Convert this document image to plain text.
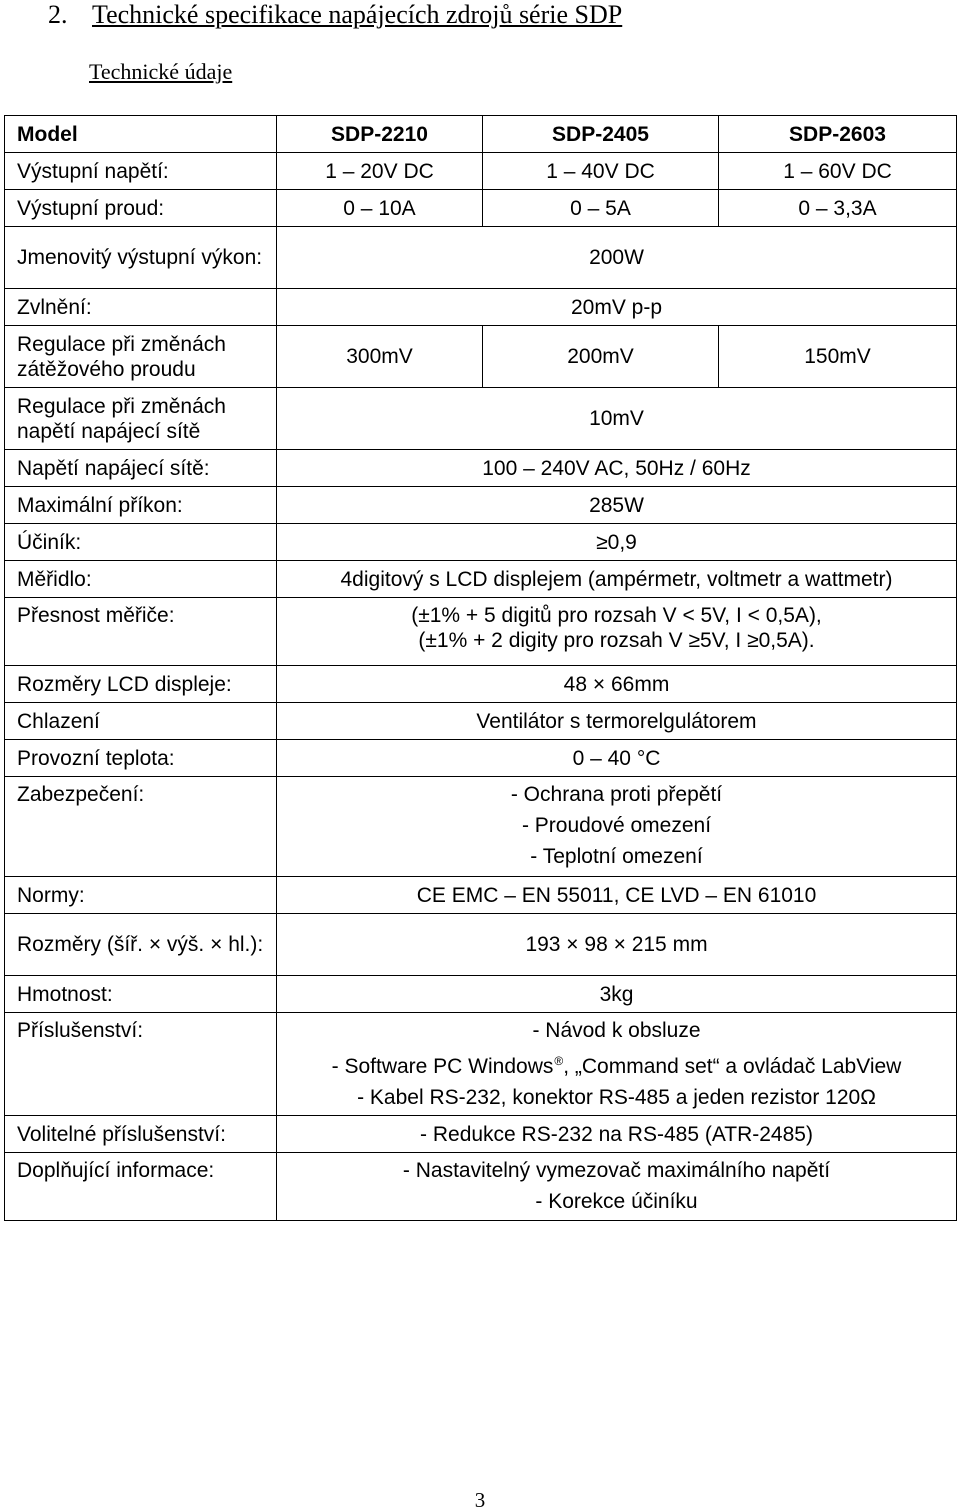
2. Technické specifikace napájecích zdrojů série SDP
Technické údaje
Model	SDP-2210	SDP-2405	SDP-2603
Výstupní napětí:	1 – 20V DC	1 – 40V DC	1 – 60V DC
Výstupní proud:	0 – 10A	0 – 5A	0 – 3,3A
Jmenovitý výstupní výkon:	200W		
Zvlnění:	20mV p-p		
Regulace při změnách zátěžového proudu	300mV	200mV	150mV
Regulace při změnách napětí napájecí sítě	10mV		
Napětí napájecí sítě:	100 – 240V AC, 50Hz / 60Hz		
Maximální příkon:	285W		
Účiník:	≥0,9		
Měřidlo:	4digitový s LCD displejem (ampérmetr, voltmetr a wattmetr)		
Přesnost měřiče:	(±1% + 5 digitů pro rozsah V < 5V, I < 0,5A),
(±1% + 2 digity pro rozsah V ≥5V, I ≥0,5A).		

Rozměry LCD displeje:	48 × 66mm		
Chlazení	Ventilátor s termorelgulátorem		
Provozní teplota:	0 – 40 °C		
Zabezpečení:	- Ochrana proti přepětí
- Proudové omezení
- Teplotní omezení		

Normy:	CE EMC – EN 55011, CE LVD – EN 61010		
Rozměry (šíř. × výš. × hl.):	193 × 98 × 215 mm		
Hmotnost:	3kg		
Příslušenství:	- Návod k obsluze
- Software PC Windows®, „Command set“ a ovládač LabView
- Kabel RS-232, konektor RS-485 a jeden rezistor 120Ω		

Volitelné příslušenství:	- Redukce RS-232 na RS-485 (ATR-2485)		
Doplňující informace:	- Nastavitelný vymezovač maximálního napětí
- Korekce účiníku		
3
